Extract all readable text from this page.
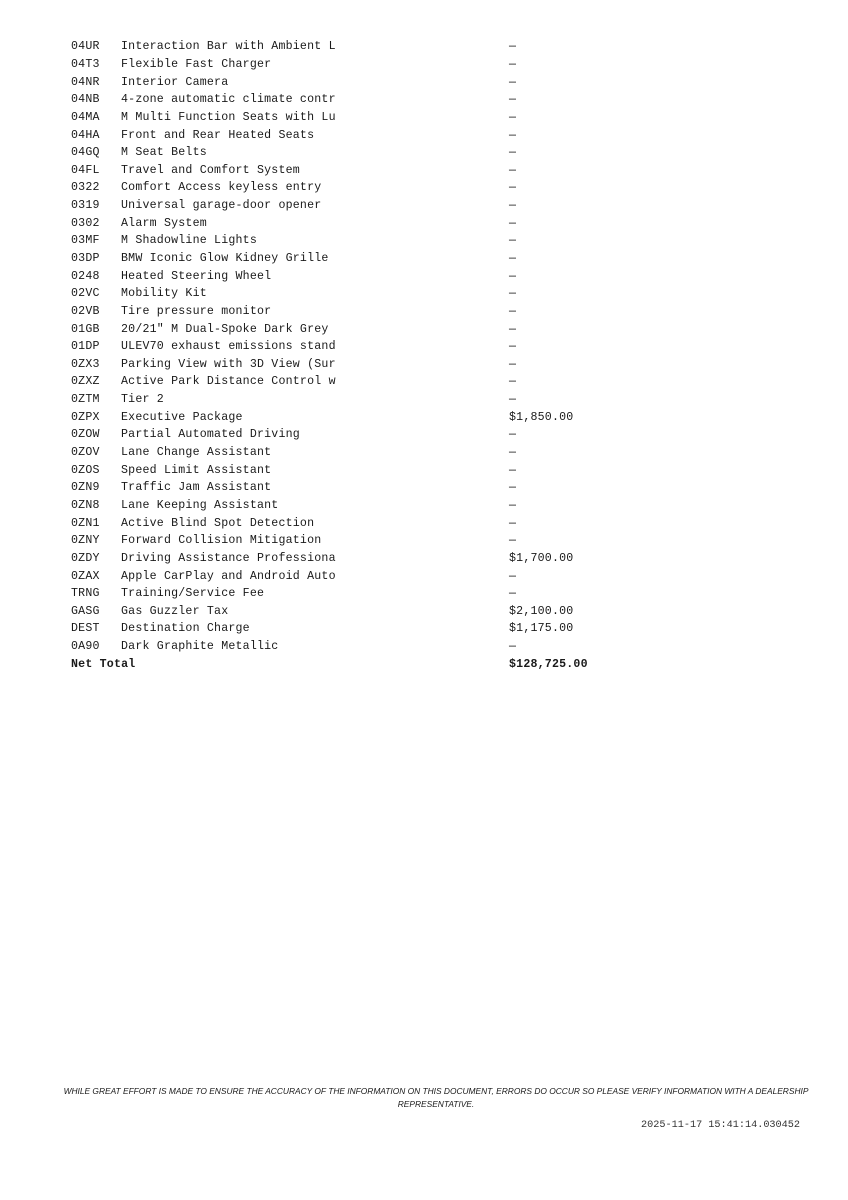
04UR	Interaction Bar with Ambient L	—
04T3	Flexible Fast Charger	—
04NR	Interior Camera	—
04NB	4-zone automatic climate contr	—
04MA	M Multi Function Seats with Lu	—
04HA	Front and Rear Heated Seats	—
04GQ	M Seat Belts	—
04FL	Travel and Comfort System	—
0322	Comfort Access keyless entry	—
0319	Universal garage-door opener	—
0302	Alarm System	—
03MF	M Shadowline Lights	—
03DP	BMW Iconic Glow Kidney Grille	—
0248	Heated Steering Wheel	—
02VC	Mobility Kit	—
02VB	Tire pressure monitor	—
01GB	20/21" M Dual-Spoke Dark Grey	—
01DP	ULEV70 exhaust emissions stand	—
0ZX3	Parking View with 3D View (Sur	—
0ZXZ	Active Park Distance Control w	—
0ZTM	Tier 2	—
0ZPX	Executive Package	$1,850.00
0ZOW	Partial Automated Driving	—
0ZOV	Lane Change Assistant	—
0ZOS	Speed Limit Assistant	—
0ZN9	Traffic Jam Assistant	—
0ZN8	Lane Keeping Assistant	—
0ZN1	Active Blind Spot Detection	—
0ZNY	Forward Collision Mitigation	—
0ZDY	Driving Assistance Professiona	$1,700.00
0ZAX	Apple CarPlay and Android Auto	—
TRNG	Training/Service Fee	—
GASG	Gas Guzzler Tax	$2,100.00
DEST	Destination Charge	$1,175.00
0A90	Dark Graphite Metallic	—
Net Total	$128,725.00
WHILE GREAT EFFORT IS MADE TO ENSURE THE ACCURACY OF THE INFORMATION ON THIS DOCUMENT, ERRORS DO OCCUR SO PLEASE VERIFY INFORMATION WITH A DEALERSHIP REPRESENTATIVE.
2025-11-17 15:41:14.030452
